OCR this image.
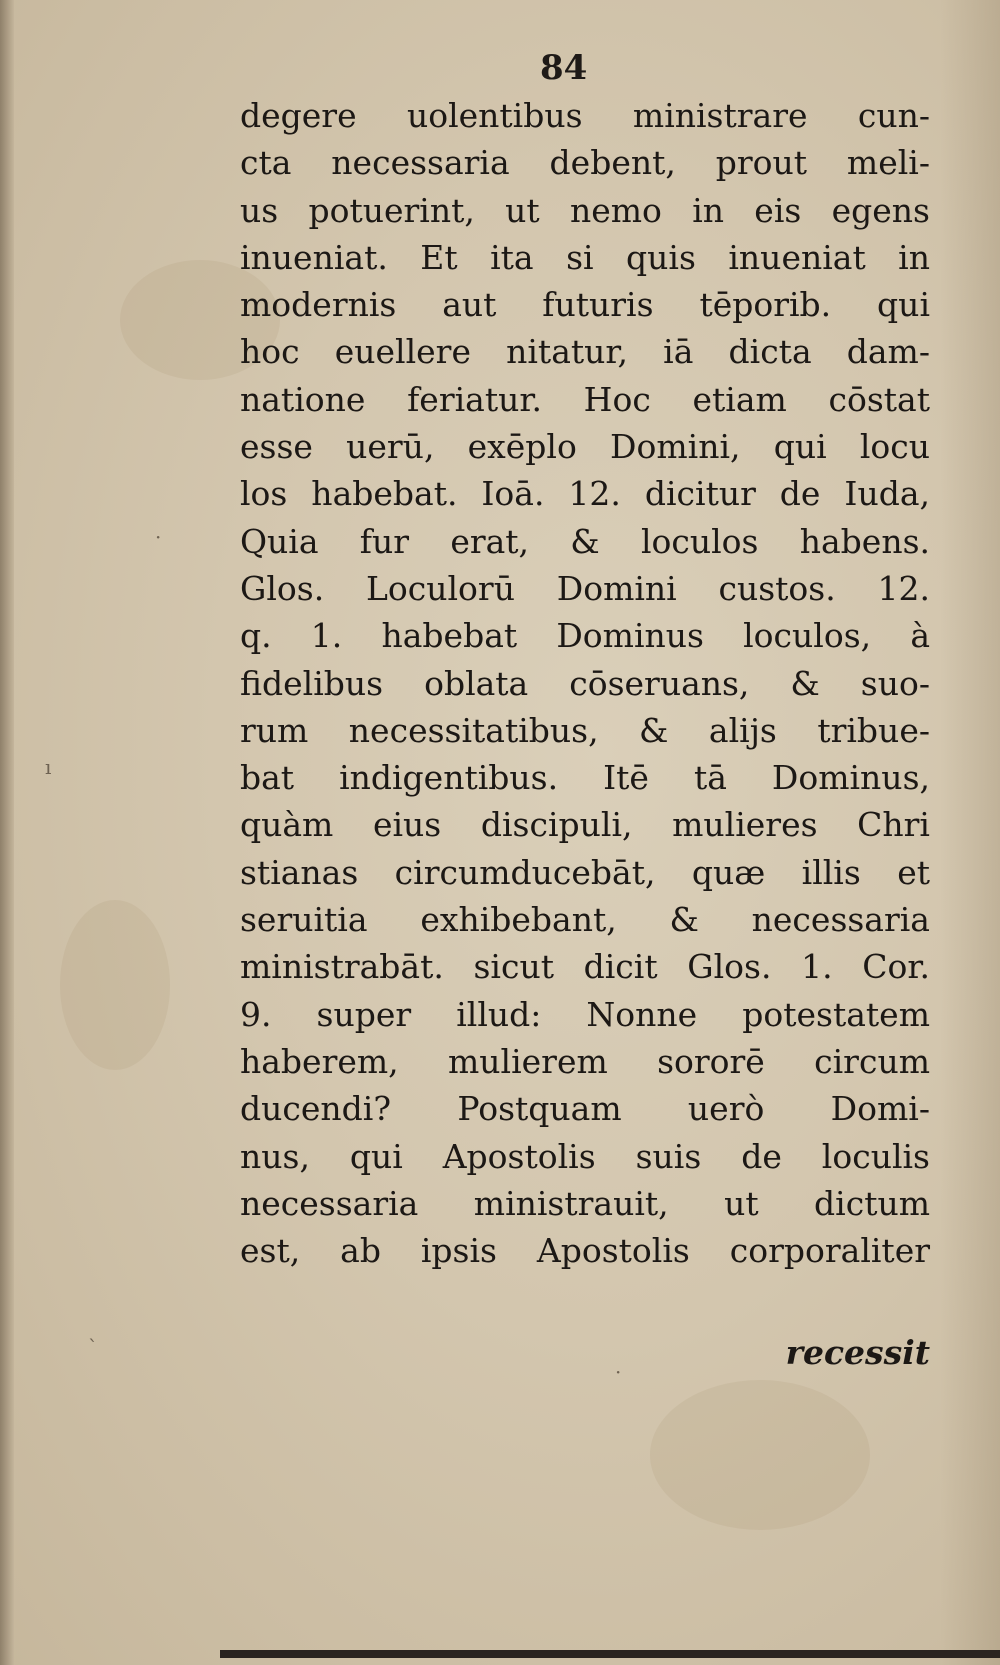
·
ı
`
·
84
degere uolentibus ministrare cun-
cta necessaria debent, prout meli-
us potuerint, ut nemo in eis egens
inueniat. Et ita si quis inueniat in
modernis aut futuris tēporib. qui
hoc euellere nitatur, iā dicta dam-
natione feriatur. Hoc etiam cōstat
esse uerū, exēplo Domini, qui locu
los habebat. Ioā. 12. dicitur de Iuda,
Quia fur erat, & loculos habens.
Glos. Loculorū Domini custos. 12.
q. 1. habebat Dominus loculos, à
fidelibus oblata cōseruans, & suo-
rum necessitatibus, & alijs tribue-
bat indigentibus. Itē tā Dominus,
quàm eius discipuli, mulieres Chri
stianas circumducebāt, quæ illis et
seruitia exhibebant, & necessaria
ministrabāt. sicut dicit Glos. 1. Cor.
9. super illud: Nonne potestatem
haberem, mulierem sororē circum
ducendi? Postquam uerò Domi-
nus, qui Apostolis suis de loculis
necessaria ministrauit, ut dictum
est, ab ipsis Apostolis corporaliter
recessit
